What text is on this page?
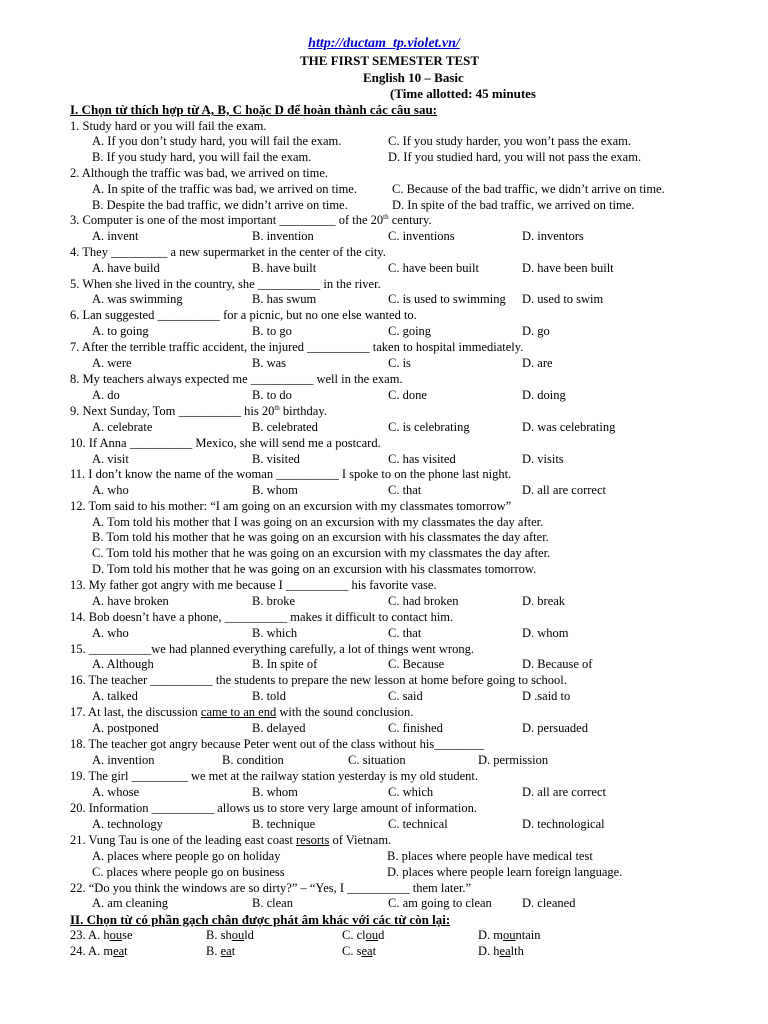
http://ductam_tp.violet.vn/
THE FIRST SEMESTER TEST
English 10 – Basic
(Time allotted: 45 minutes
I. Chọn từ thích hợp từ A, B, C hoặc D để hoàn thành các câu sau:
1. Study hard or you will fail the exam.
A. If you don’t study hard, you will fail the exam.	C. If you study harder, you won’t pass the exam.
B. If you study hard, you will fail the exam.	D. If you studied hard, you will not pass the exam.
2. Although the traffic was bad, we arrived on time.
A. In spite of the traffic was bad, we arrived on time.	C. Because of the bad traffic, we didn’t arrive on time.
B. Despite the bad traffic, we didn’t arrive on time.	D. In spite of the bad traffic, we arrived on time.
3. Computer is one of the most important _________ of the 20th century.
A. invent	B. invention	C. inventions	D. inventors
4. They _________ a new supermarket in the center of the city.
A. have build	B. have built	C. have been built	D. have been built
5. When she lived in the country, she __________ in the river.
A. was swimming	B. has swum	C. is used to swimming D. used to swim
6. Lan suggested __________ for a picnic, but no one else wanted to.
A. to going	B. to go	C. going	D. go
7. After the terrible traffic accident, the injured __________ taken to hospital immediately.
A. were	B. was	C. is	D. are
8. My teachers always expected me __________ well in the exam.
A. do	B. to do	C. done	D. doing
9. Next Sunday, Tom __________ his 20th birthday.
A. celebrate	B. celebrated	C. is celebrating	D. was celebrating
10. If Anna __________ Mexico, she will send me a postcard.
A. visit	B. visited	C. has visited	D. visits
11. I don’t know the name of the woman __________ I spoke to on the phone last night.
A. who	B. whom	C. that	D. all are correct
12. Tom said to his mother: “I am going on an excursion with my classmates tomorrow”
A. Tom told his mother that I was going on an excursion with my classmates the day after.
B. Tom told his mother that he was going on an excursion with his classmates the day after.
C. Tom told his mother that he was going on an excursion with my classmates the day after.
D. Tom told his mother that he was going on an excursion with his classmates tomorrow.
13. My father got angry with me because I __________ his favorite vase.
A. have broken	B. broke	C. had broken	D. break
14. Bob doesn’t have a phone, __________ makes it difficult to contact him.
A. who	B. which	C. that	D. whom
15. __________we had planned everything carefully, a lot of things went wrong.
A. Although	B. In spite of	C. Because	D. Because of
16. The teacher __________ the students to prepare the new lesson at home before going to school.
A. talked	B. told	C. said	D .said to
17. At last, the discussion came to an end with the sound conclusion.
A. postponed	B. delayed	C. finished	D. persuaded
18. The teacher got angry because Peter went out of the class without his________
A. invention	B. condition	C. situation	D. permission
19. The girl _________ we met at the railway station yesterday is my old student.
A. whose	B. whom	C. which	D. all are correct
20. Information __________ allows us to store very large amount of information.
A. technology	B. technique	C. technical	D. technological
21. Vung Tau is one of the leading east coast resorts of Vietnam.
A. places where people go on holiday	B. places where people have medical test
C. places where people go on business	D. places where people learn foreign language.
22. “Do you think the windows are so dirty?” – “Yes, I __________ them later.”
A. am cleaning	B. clean	C. am going to clean D. cleaned
II. Chọn từ có phần gạch chân được phát âm khác với các từ còn lại:
23. A. house	B. should	C. cloud	D. mountain
24. A. meat	B. eat	C. seat	D. health
